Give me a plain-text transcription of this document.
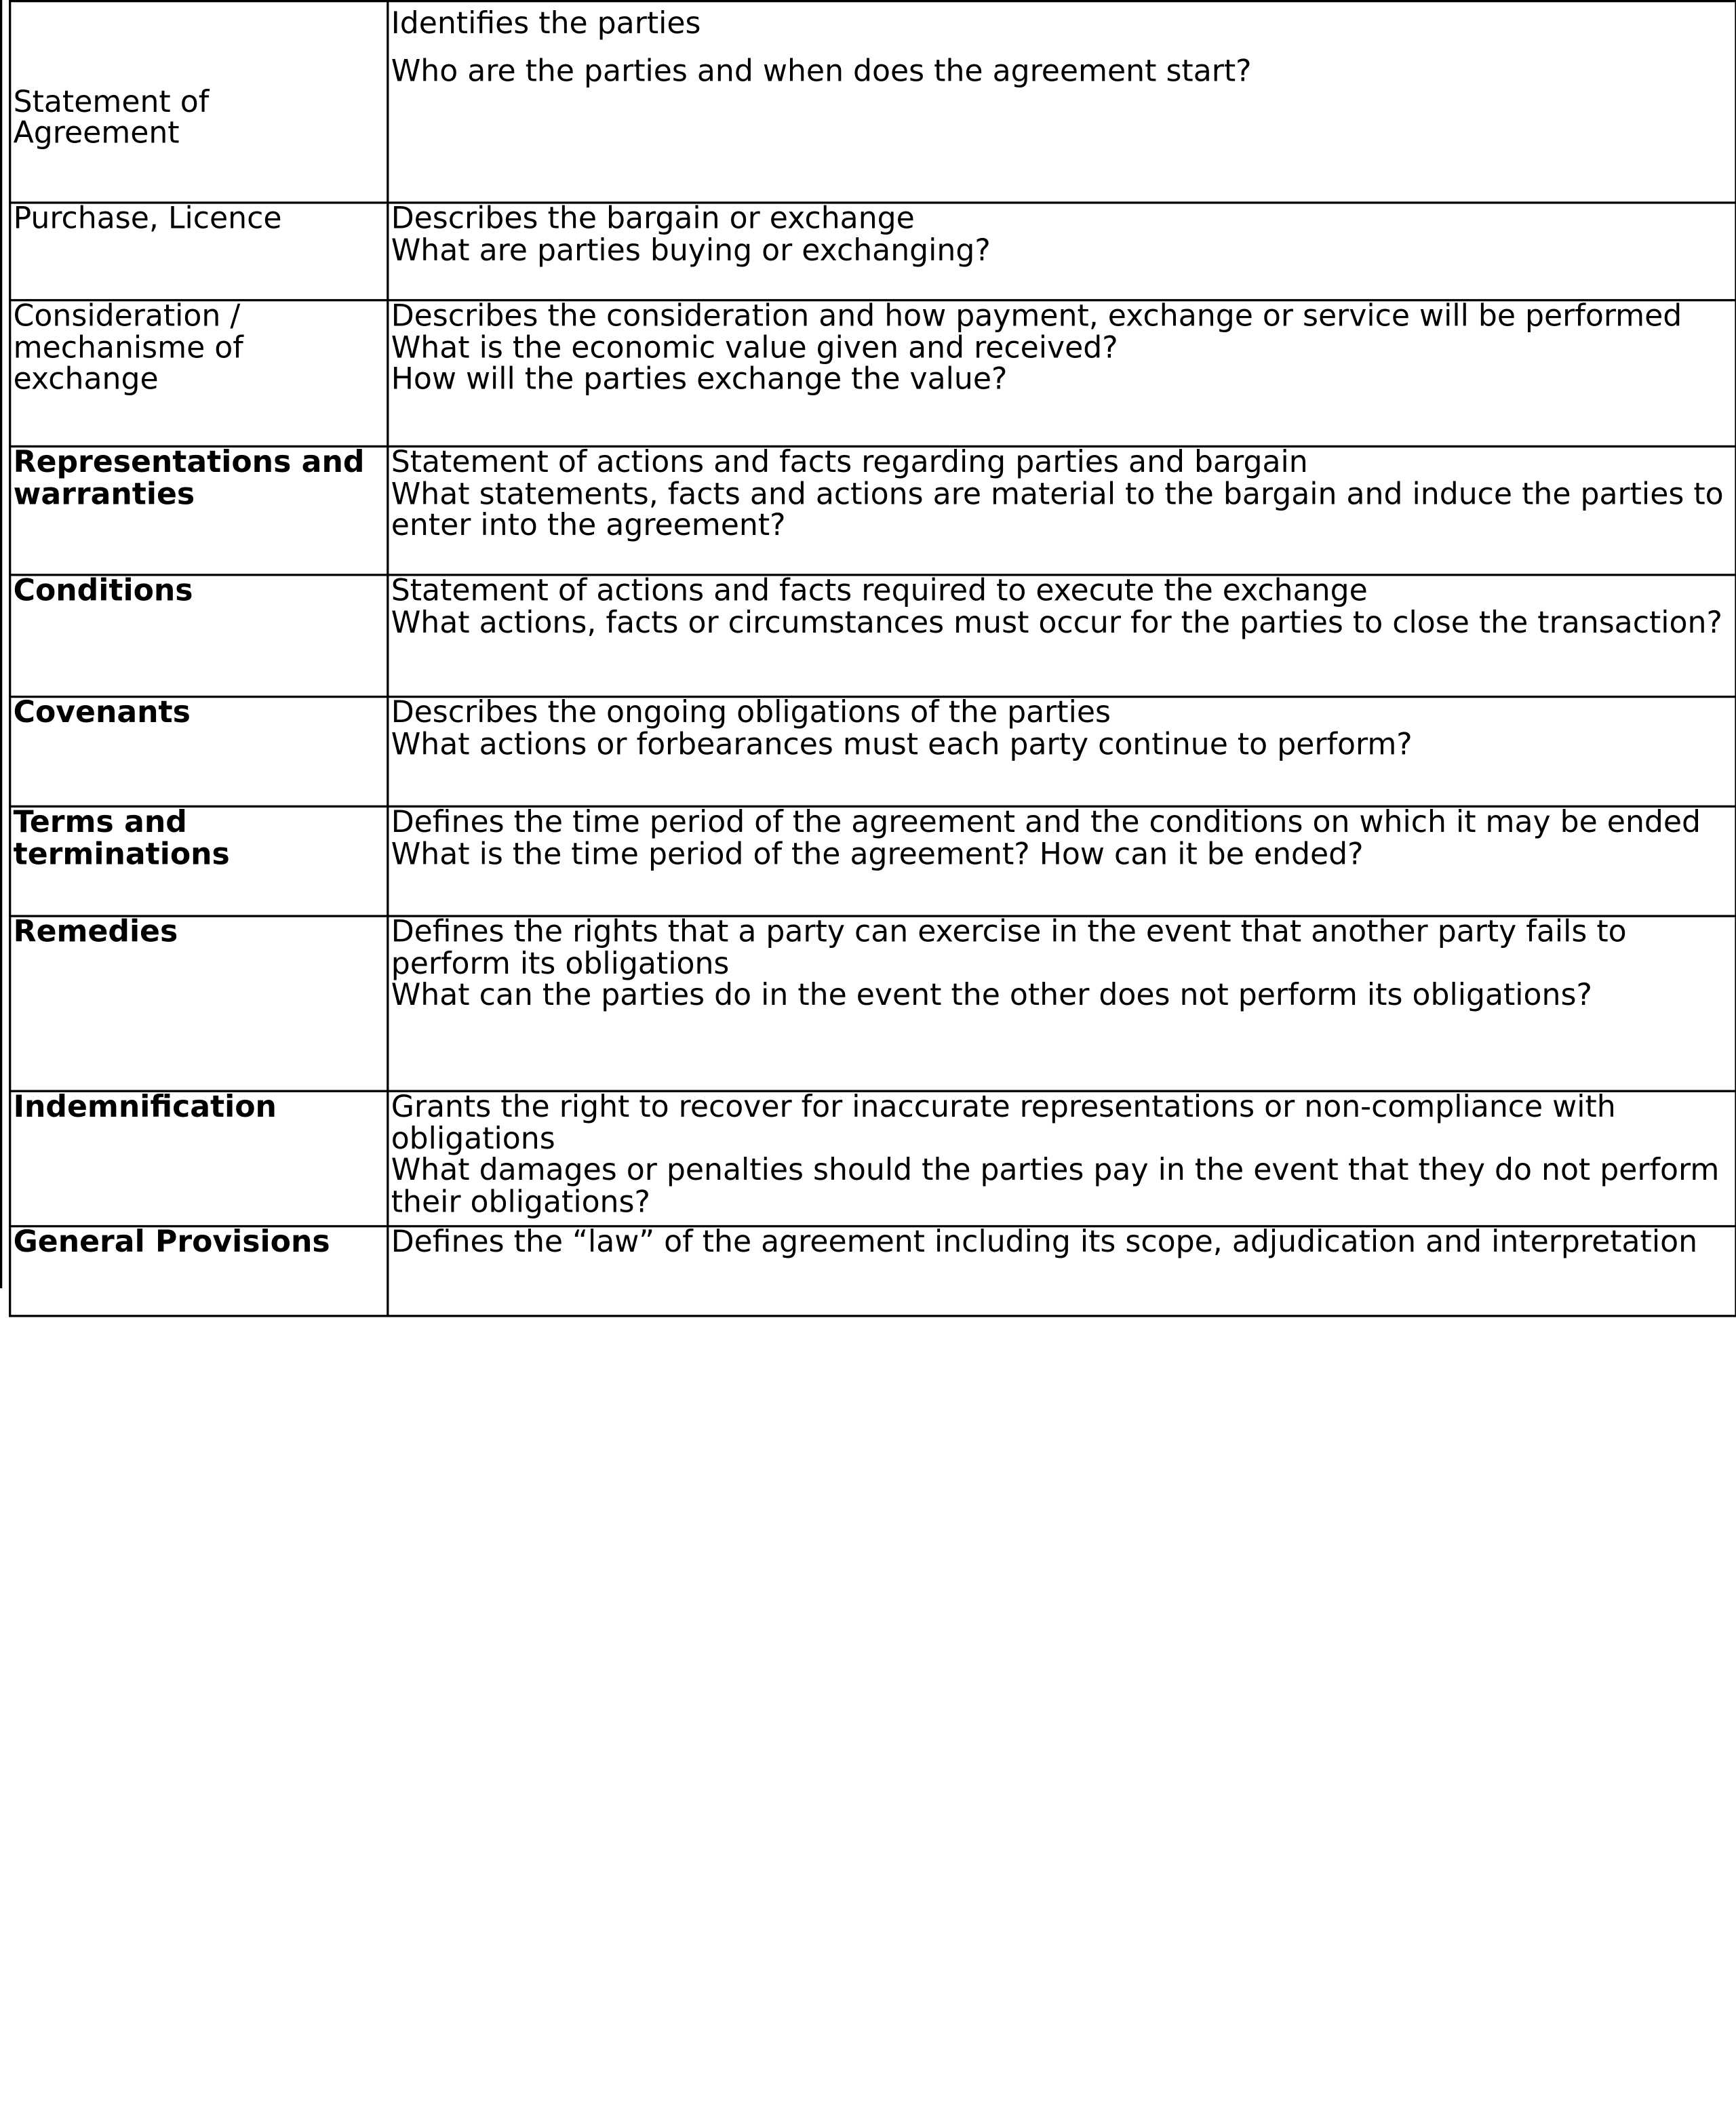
Statement of Agreement	Identifies the parties
Who are the parties and when does the agreement start?

Purchase, Licence	Describes the bargain or exchange
What are parties buying or exchanging?

Consideration / mechanisme of exchange	Describes the consideration and how payment, exchange or service will be performed
What is the economic value given and received?
How will the parties exchange the value?

Representations and warranties	Statement of actions and facts regarding parties and bargain
What statements, facts and actions are material to the bargain and induce the parties to enter into the agreement?

Conditions	Statement of actions and facts required to execute the exchange
What actions, facts or circumstances must occur for the parties to close the transaction?

Covenants	Describes the ongoing obligations of the parties
What actions or forbearances must each party continue to perform?

Terms and terminations	Defines the time period of the agreement and the conditions on which it may be ended
What is the time period of the agreement? How can it be ended?

Remedies	Defines the rights that a party can exercise in the event that another party fails to perform its obligations
What can the parties do in the event the other does not perform its obligations?

Indemnification	Grants the right to recover for inaccurate representations or non-compliance with obligations
What damages or penalties should the parties pay in the event that they do not perform their obligations?

General Provisions	Defines the “law” of the agreement including its scope, adjudication and interpretation
